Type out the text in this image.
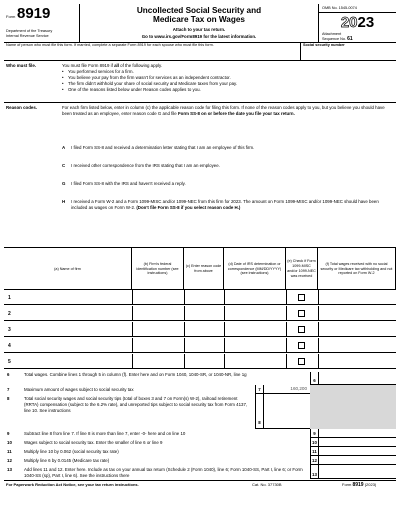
Form 8919
Department of the Treasury
Internal Revenue Service
Uncollected Social Security and
Medicare Tax on Wages
Attach to your tax return.
Go to www.irs.gov/Form8919 for the latest information.
OMB No. 1545-0074
2023
Attachment
Sequence No. 61
Name of person who must file this form. If married, complete a separate Form 8919 for each spouse who must file this form.	Social security number
Who must file.	You must file Form 8919 if all of the following apply.
• You performed services for a firm.
• You believe your pay from the firm wasn't for services as an independent contractor.
• The firm didn't withhold your share of social security and Medicare taxes from your pay.
• One of the reasons listed below under Reason codes applies to you.
Reason codes.	For each firm listed below, enter in column (c) the applicable reason code for filing this form. If none of the reason codes apply to you, but you believe you should have been treated as an employee, enter reason code G and file Form SS-8 on or before the date you file your tax return.
A I filed Form SS-8 and received a determination letter stating that I am an employee of this firm.
C I received other correspondence from the IRS stating that I am an employee.
G I filed Form SS-8 with the IRS and haven't received a reply.
H I received a Form W-2 and a Form 1099-MISC and/or 1099-NEC from this firm for 2023. The amount on Form 1099-MISC and/or 1099-NEC should have been included as wages on Form W-2. (Don't file Form SS-8 if you select reason code H.)
(a) Name of firm
(b) Firm's federal identification number (see instructions)
(c) Enter reason code from above
(d) Date of IRS determination or correspondence (MM/DD/YYYY) (see instructions)
(e) Check if Form 1099-MISC and/or 1099-NEC was received
(f) Total wages received with no social security or Medicare tax withholding and not reported on Form W-2
1
2
3
4
5
6	Total wages. Combine lines 1 through 5 in column (f). Enter here and on Form 1040, 1040-SR, or 1040-NR, line 1g
6
7	Maximum amount of wages subject to social security tax	7	160,200
8	Total social security wages and social security tips (total of boxes 3 and 7 on Form(s) W-2), railroad retirement (RRTA) compensation (subject to the 6.2% rate), and unreported tips subject to social security tax from Form 4137, line 10. See instructions
8
9	Subtract line 8 from line 7. If line 8 is more than line 7, enter -0- here and on line 10	9
10	Wages subject to social security tax. Enter the smaller of line 6 or line 9	10
11	Multiply line 10 by 0.062 (social security tax rate)	11
12	Multiply line 6 by 0.0145 (Medicare tax rate)	12
13	Add lines 11 and 12. Enter here. Include as tax on your annual tax return (Schedule 2 (Form 1040), line 6; Form 1040-SS, Part I, line 6; or Form 1040-SS (sp), Part I, line 6). See the instructions there	13
For Paperwork Reduction Act Notice, see your tax return instructions.	Cat. No. 37730B	Form 8919 (2023)
